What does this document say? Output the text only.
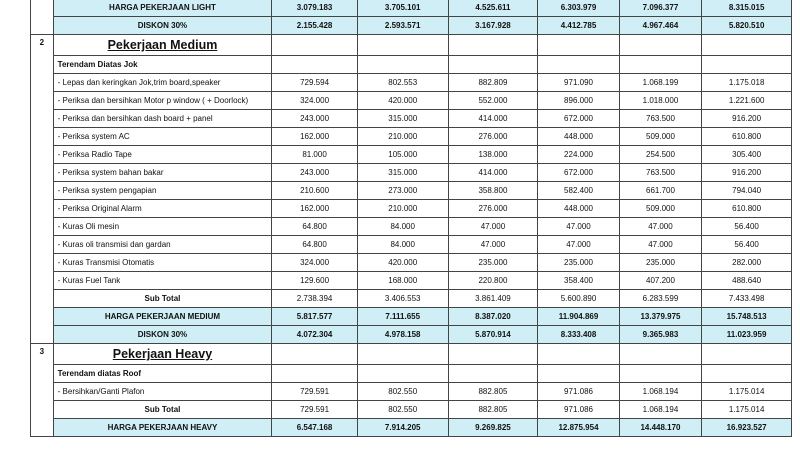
	HARGA PEKERJAAN LIGHT	3.079.183	3.705.101	4.525.611	6.303.979	7.096.377	8.315.015
	DISKON 30%	2.155.428	2.593.571	3.167.928	4.412.785	4.967.464	5.820.510
2	Pekerjaan Medium						
	Terendam Diatas Jok						
	- Lepas dan keringkan Jok,trim board,speaker	729.594	802.553	882.809	971.090	1.068.199	1.175.018
	- Periksa dan bersihkan Motor p window ( + Doorlock)	324.000	420.000	552.000	896.000	1.018.000	1.221.600
	- Periksa dan bersihkan dash board + panel	243.000	315.000	414.000	672.000	763.500	916.200
	- Periksa system AC	162.000	210.000	276.000	448.000	509.000	610.800
	- Periksa Radio Tape	81.000	105.000	138.000	224.000	254.500	305.400
	- Periksa system bahan bakar	243.000	315.000	414.000	672.000	763.500	916.200
	- Periksa system pengapian	210.600	273.000	358.800	582.400	661.700	794.040
	- Periksa Original Alarm	162.000	210.000	276.000	448.000	509.000	610.800
	- Kuras Oli mesin	64.800	84.000	47.000	47.000	47.000	56.400
	- Kuras oli transmisi dan gardan	64.800	84.000	47.000	47.000	47.000	56.400
	- Kuras Transmisi Otomatis	324.000	420.000	235.000	235.000	235.000	282.000
	- Kuras Fuel Tank	129.600	168.000	220.800	358.400	407.200	488.640
	Sub Total	2.738.394	3.406.553	3.861.409	5.600.890	6.283.599	7.433.498
	HARGA PEKERJAAN MEDIUM	5.817.577	7.111.655	8.387.020	11.904.869	13.379.975	15.748.513
	DISKON 30%	4.072.304	4.978.158	5.870.914	8.333.408	9.365.983	11.023.959
3	Pekerjaan Heavy						
	Terendam diatas Roof						
	- Bersihkan/Ganti Plafon	729.591	802.550	882.805	971.086	1.068.194	1.175.014
	Sub Total	729.591	802.550	882.805	971.086	1.068.194	1.175.014
	HARGA PEKERJAAN HEAVY	6.547.168	7.914.205	9.269.825	12.875.954	14.448.170	16.923.527
